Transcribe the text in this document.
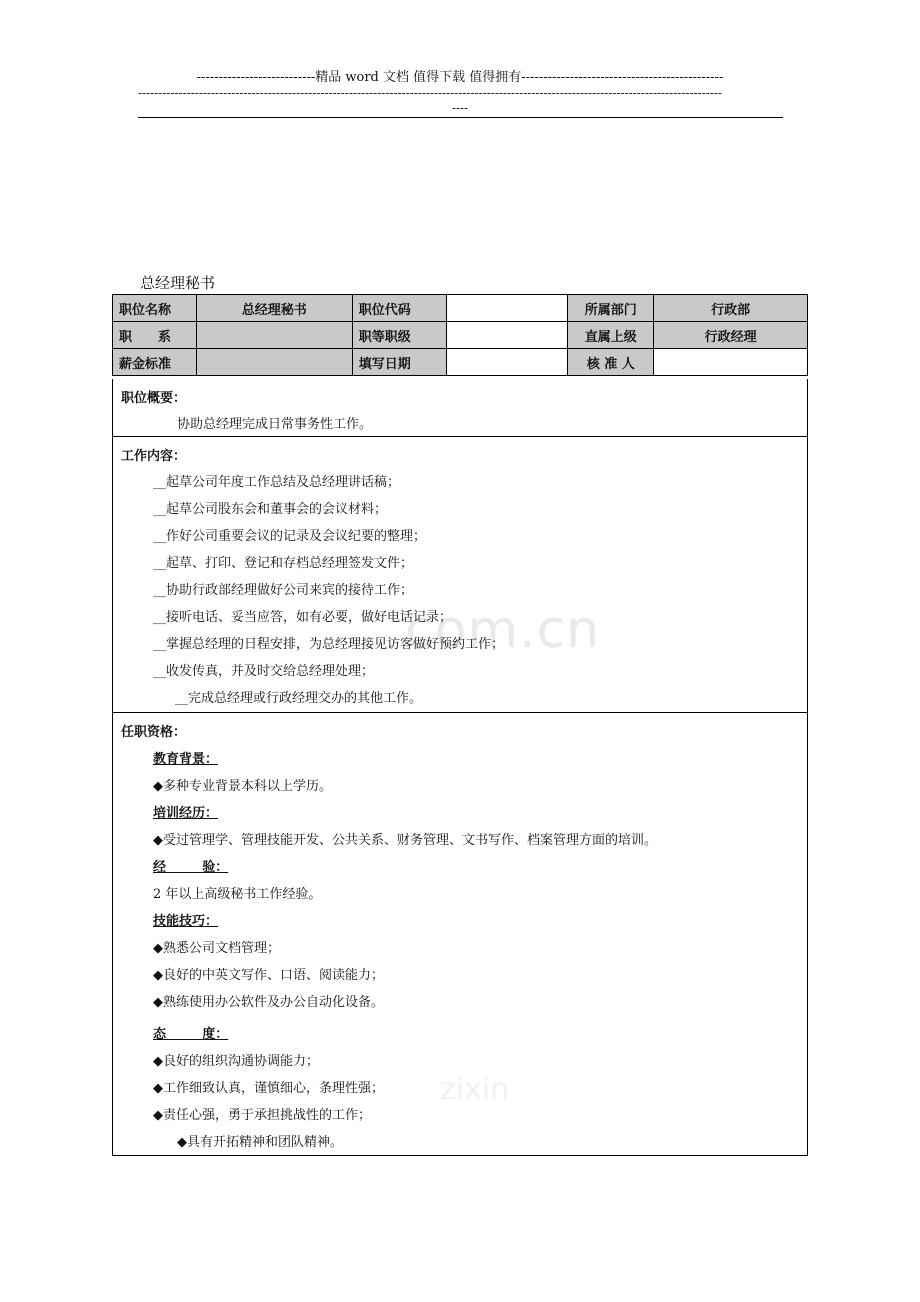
---------------------------精品 word 文档 值得下载 值得拥有----------------------------------------------
------------------------------------------------------------------------------------------------------------------------------------------------
----
com.cn
zixin
总经理秘书
职位名称	总经理秘书	职位代码		所属部门	行政部
职　　系		职等职级		直属上级	行政经理
薪金标准		填写日期		核 准 人	
职位概要：
协助总经理完成日常事务性工作。
工作内容：
__起草公司年度工作总结及总经理讲话稿；
__起草公司股东会和董事会的会议材料；
__作好公司重要会议的记录及会议纪要的整理；
__起草、打印、登记和存档总经理签发文件；
__协助行政部经理做好公司来宾的接待工作；
__接听电话、妥当应答，如有必要，做好电话记录；
__掌握总经理的日程安排，为总经理接见访客做好预约工作；
__收发传真，并及时交给总经理处理；
__完成总经理或行政经理交办的其他工作。
任职资格：
教育背景：
◆多种专业背景本科以上学历。
培训经历：
◆受过管理学、管理技能开发、公共关系、财务管理、文书写作、档案管理方面的培训。
经        验：
2 年以上高级秘书工作经验。
技能技巧：
◆熟悉公司文档管理；
◆良好的中英文写作、口语、阅读能力；
◆熟练使用办公软件及办公自动化设备。
态        度：
◆良好的组织沟通协调能力；
◆工作细致认真，谨慎细心，条理性强；
◆责任心强，勇于承担挑战性的工作；
◆具有开拓精神和团队精神。
